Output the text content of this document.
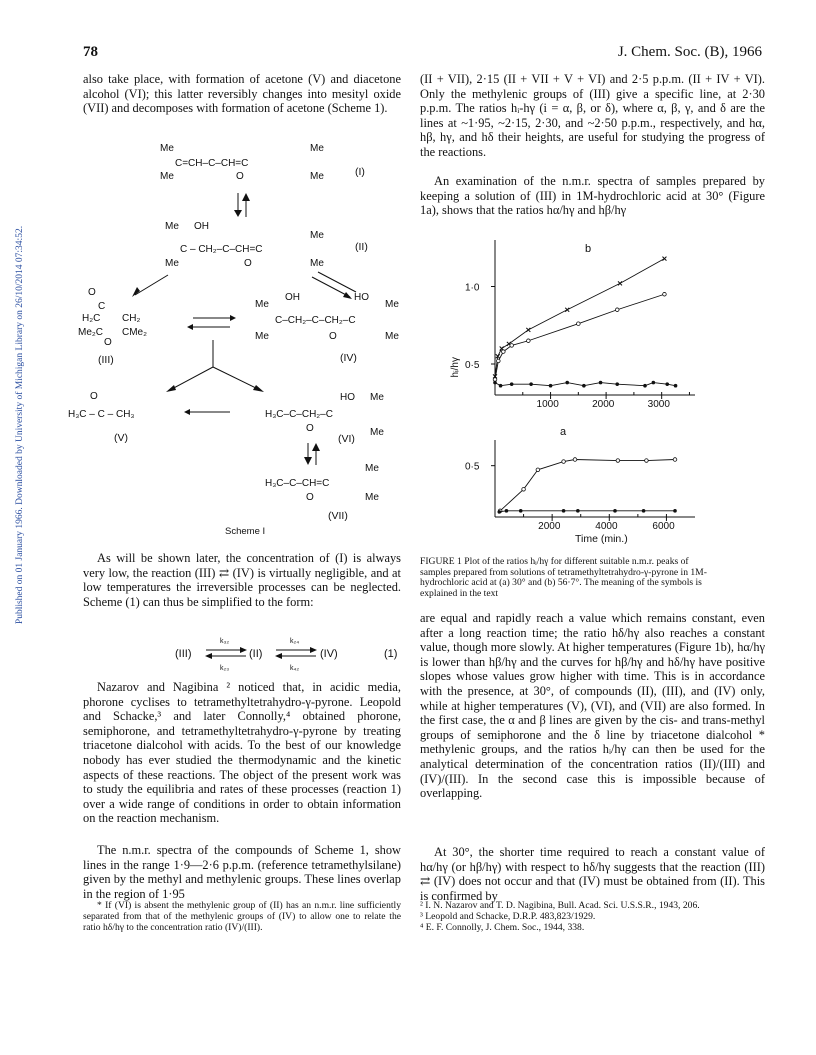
Published on 01 January 1966. Downloaded by University of Michigan Library on 26/10/2014 07:34:52.
78	J. Chem. Soc. (B), 1966

also take place, with formation of acetone (V) and diacetone alcohol (VI); this latter reversibly changes into mesityl oxide (VII) and decomposes with formation of acetone (Scheme 1).

Me	Me
C=CH–C–CH=C
Me	O	Me
Me OH
Me
C – CH₂–C–CH=C
Me	O	Me
O
C
H₂C CH₂
Me₂C CMe₂
O
Me
OH	HO
Me
C–CH₂–C–CH₂–C
Me	O	Me
O
H₃C – C – CH₃
HO Me
H₃C–C–CH₂–C
O	Me
Me
H₃C–C–CH=C
O	Me
(I)
(II)
(III)	(IV)
(V)	(VI)
(VII)
Scheme I

As will be shown later, the concentration of (I) is always very low, the reaction (III) ⇄ (IV) is virtually negligible, and at low temperatures the irreversible processes can be neglected. Scheme (1) can thus be simplified to the form:

(III)	(II)	(IV)	(1)
k₃₂
k₂₃
k₂₄
k₄₂

Nazarov and Nagibina ² noticed that, in acidic media, phorone cyclises to tetramethyltetrahydro-γ-pyrone. Leopold and Schacke,³ and later Connolly,⁴ obtained phorone, semiphorone, and tetramethyltetrahydro-γ-pyrone by treating triacetone dialcohol with acids. To the best of our knowledge nobody has ever studied the thermodynamic and the kinetic aspects of these reactions. The object of the present work was to study the equilibria and rates of these processes (reaction 1) over a wide range of conditions in order to obtain information on the reaction mechanism.

The n.m.r. spectra of the compounds of Scheme 1, show lines in the range 1·9—2·6 p.p.m. (reference tetramethylsilane) given by the methyl and methylenic groups. These lines overlap in the region of 1·95

* If (VI) is absent the methylenic group of (II) has an n.m.r. line sufficiently separated from that of the methylenic groups of (IV) to allow one to relate the ratio hδ/hγ to the concentration ratio (IV)/(III).

(II + VII), 2·15 (II + VII + V + VI) and 2·5 p.p.m. (II + IV + VI). Only the methylenic groups of (III) give a specific line, at 2·30 p.p.m. The ratios hᵢ-hγ (i = α, β, or δ), where α, β, γ, and δ are the lines at ~1·95, ~2·15, 2·30, and ~2·50 p.p.m., respectively, and hα, hβ, hγ, and hδ their heights, are useful for studying the progress of the reactions.

An examination of the n.m.r. spectra of samples prepared by keeping a solution of (III) in 1M-hydrochloric acid at 30° (Figure 1a), shows that the ratios hα/hγ and hβ/hγ

b
1·0
0·5
1000	2000	3000
hᵢ/hγ
a
0·5
2000	4000	6000
Time (min.)

FIGURE 1 Plot of the ratios hᵢ/hγ for different suitable n.m.r. peaks of samples prepared from solutions of tetramethyltetrahydro-γ-pyrone in 1M-hydrochloric acid at (a) 30° and (b) 56·7°. The meaning of the symbols is explained in the text

are equal and rapidly reach a value which remains constant, even after a long reaction time; the ratio hδ/hγ also reaches a constant value, though more slowly. At higher temperatures (Figure 1b), hα/hγ is lower than hβ/hγ and the curves for hβ/hγ and hδ/hγ have positive slopes whose values grow higher with time. This is in accordance with the presence, at 30°, of compounds (II), (III), and (IV) only, while at higher temperatures (V), (VI), and (VII) are also formed. In the first case, the α and β lines are given by the cis- and trans-methyl groups of semiphorone and the δ line by triacetone dialcohol * methylenic groups, and the ratios hᵢ/hγ can then be used for the analytical determination of the concentration ratios (II)/(III) and (IV)/(III). In the second case this is impossible because of overlapping.

At 30°, the shorter time required to reach a constant value of hα/hγ (or hβ/hγ) with respect to hδ/hγ suggests that the reaction (III) ⇄ (IV) does not occur and that (IV) must be obtained from (II). This is confirmed by

² I. N. Nazarov and T. D. Nagibina, Bull. Acad. Sci. U.S.S.R., 1943, 206.

³ Leopold and Schacke, D.R.P. 483,823/1929.

⁴ E. F. Connolly, J. Chem. Soc., 1944, 338.
